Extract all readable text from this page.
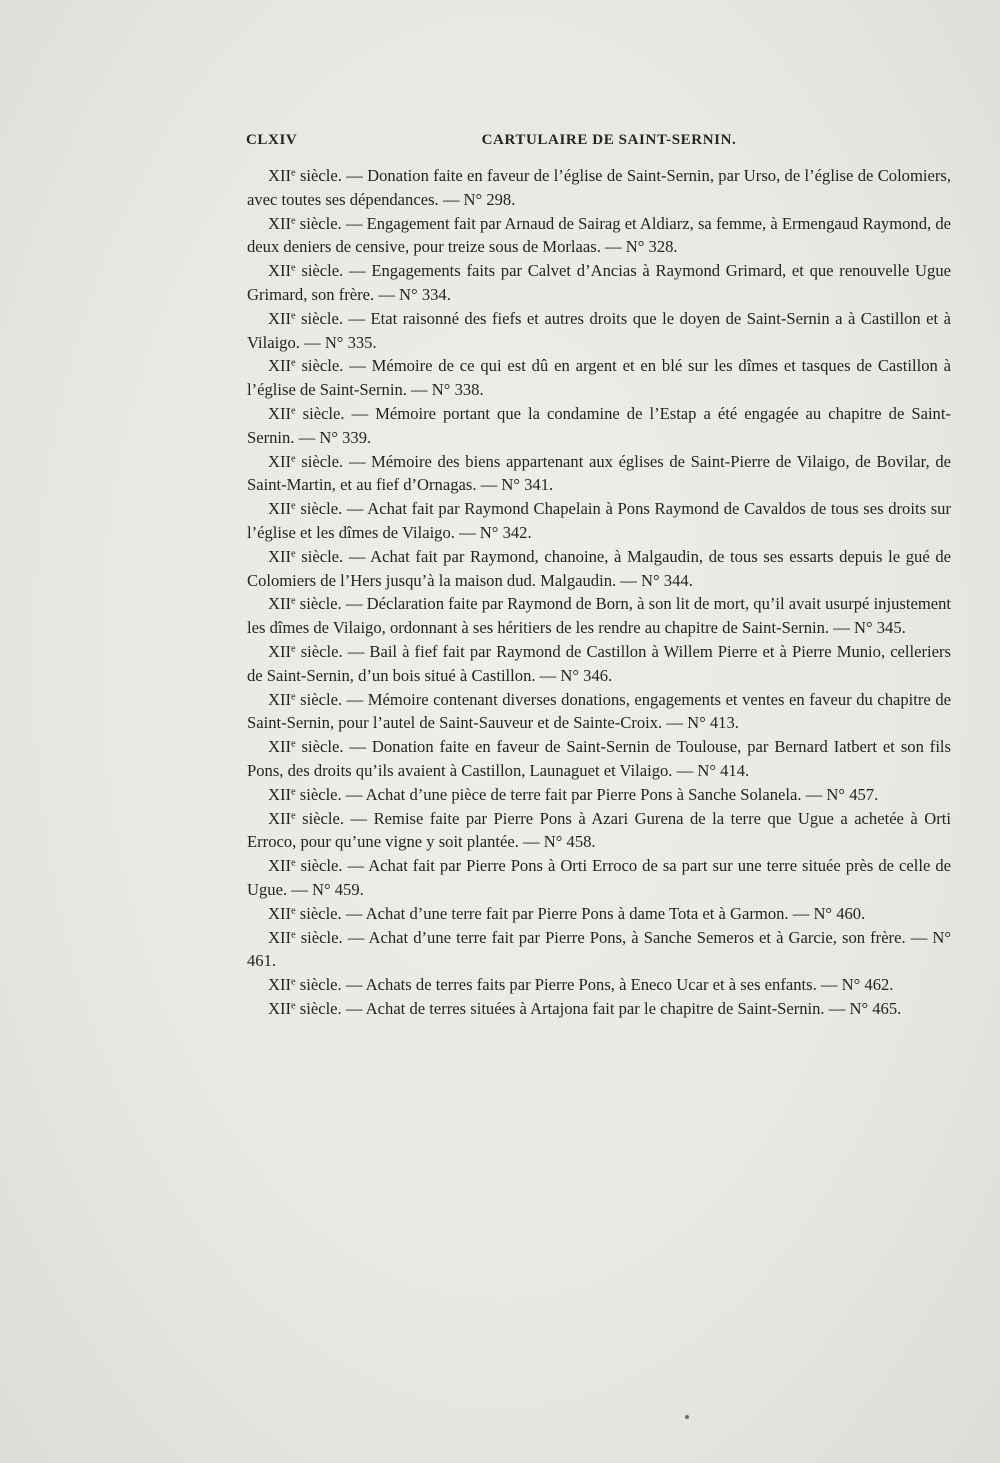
CLXIV	CARTULAIRE DE SAINT-SERNIN.

XIIe siècle. — Donation faite en faveur de l’église de Saint-Sernin, par Urso, de l’église de Colomiers, avec toutes ses dépendances. — N° 298.

XIIe siècle. — Engagement fait par Arnaud de Sairag et Aldiarz, sa femme, à Ermengaud Raymond, de deux deniers de censive, pour treize sous de Morlaas. — N° 328.

XIIe siècle. — Engagements faits par Calvet d’Ancias à Raymond Grimard, et que renouvelle Ugue Grimard, son frère. — N° 334.

XIIe siècle. — Etat raisonné des fiefs et autres droits que le doyen de Saint-Sernin a à Castillon et à Vilaigo. — N° 335.

XIIe siècle. — Mémoire de ce qui est dû en argent et en blé sur les dîmes et tasques de Castillon à l’église de Saint-Sernin. — N° 338.

XIIe siècle. — Mémoire portant que la condamine de l’Estap a été engagée au chapitre de Saint-Sernin. — N° 339.

XIIe siècle. — Mémoire des biens appartenant aux églises de Saint-Pierre de Vilaigo, de Bovilar, de Saint-Martin, et au fief d’Ornagas. — N° 341.

XIIe siècle. — Achat fait par Raymond Chapelain à Pons Raymond de Cavaldos de tous ses droits sur l’église et les dîmes de Vilaigo. — N° 342.

XIIe siècle. — Achat fait par Raymond, chanoine, à Malgaudin, de tous ses essarts depuis le gué de Colomiers de l’Hers jusqu’à la maison dud. Malgaudin. — N° 344.

XIIe siècle. — Déclaration faite par Raymond de Born, à son lit de mort, qu’il avait usurpé injustement les dîmes de Vilaigo, ordonnant à ses héritiers de les rendre au chapitre de Saint-Sernin. — N° 345.

XIIe siècle. — Bail à fief fait par Raymond de Castillon à Willem Pierre et à Pierre Munio, celleriers de Saint-Sernin, d’un bois situé à Castillon. — N° 346.

XIIe siècle. — Mémoire contenant diverses donations, engagements et ventes en faveur du chapitre de Saint-Sernin, pour l’autel de Saint-Sauveur et de Sainte-Croix. — N° 413.

XIIe siècle. — Donation faite en faveur de Saint-Sernin de Toulouse, par Bernard Iatbert et son fils Pons, des droits qu’ils avaient à Castillon, Launaguet et Vilaigo. — N° 414.

XIIe siècle. — Achat d’une pièce de terre fait par Pierre Pons à Sanche Solanela. — N° 457.

XIIe siècle. — Remise faite par Pierre Pons à Azari Gurena de la terre que Ugue a achetée à Orti Erroco, pour qu’une vigne y soit plantée. — N° 458.

XIIe siècle. — Achat fait par Pierre Pons à Orti Erroco de sa part sur une terre située près de celle de Ugue. — N° 459.

XIIe siècle. — Achat d’une terre fait par Pierre Pons à dame Tota et à Garmon. — N° 460.

XIIe siècle. — Achat d’une terre fait par Pierre Pons, à Sanche Semeros et à Garcie, son frère. — N° 461.

XIIe siècle. — Achats de terres faits par Pierre Pons, à Eneco Ucar et à ses enfants. — N° 462.

XIIe siècle. — Achat de terres situées à Artajona fait par le chapitre de Saint-Sernin. — N° 465.
